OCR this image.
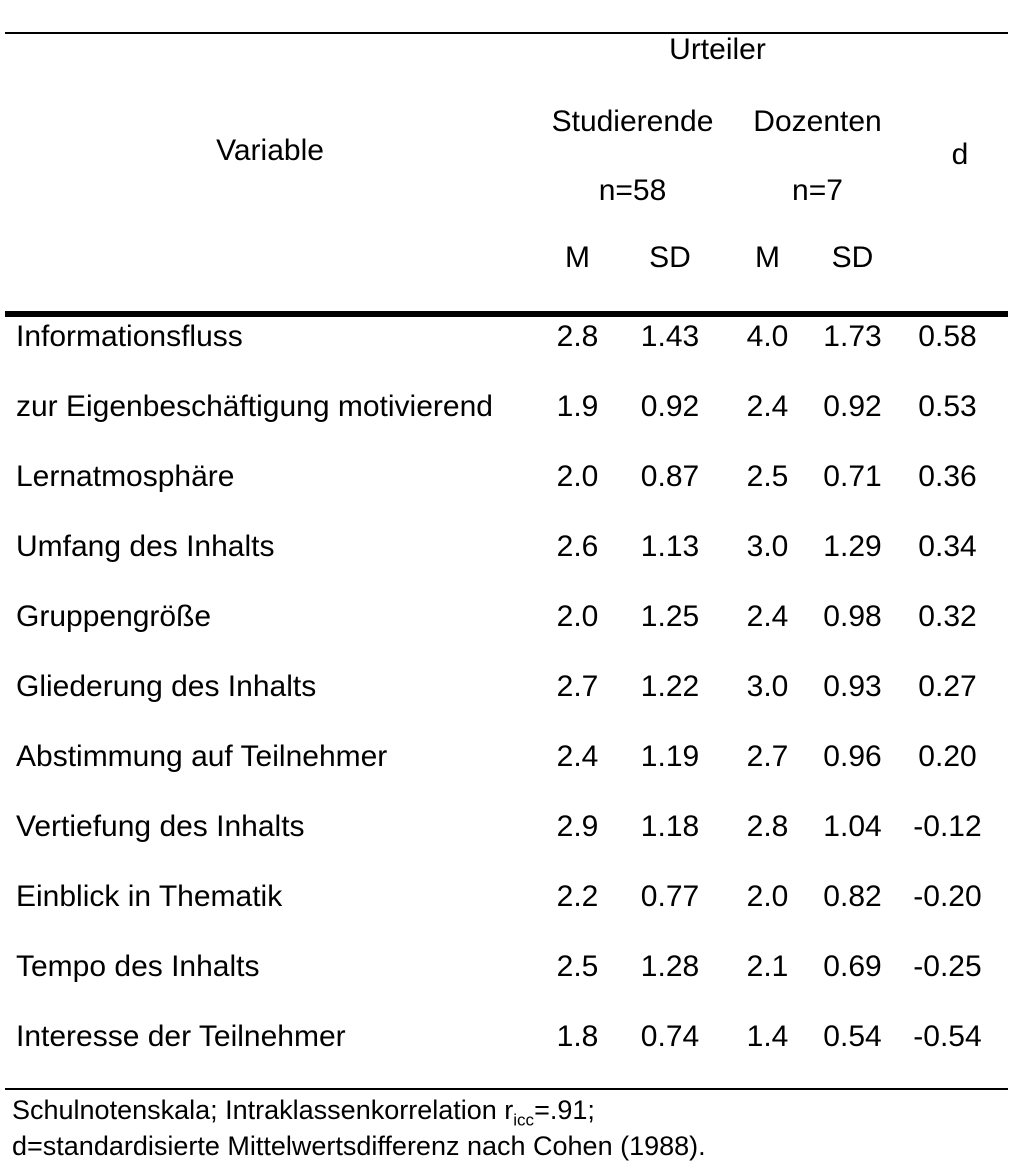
Variable
Urteiler
Studierende	Dozenten
n=58	n=7
M	SD	M	SD
d
Informationsfluss	2.8	1.43	4.0	1.73	0.58
zur Eigenbeschäftigung motivierend	1.9	0.92	2.4	0.92	0.53
Lernatmosphäre	2.0	0.87	2.5	0.71	0.36
Umfang des Inhalts	2.6	1.13	3.0	1.29	0.34
Gruppengröße	2.0	1.25	2.4	0.98	0.32
Gliederung des Inhalts	2.7	1.22	3.0	0.93	0.27
Abstimmung auf Teilnehmer	2.4	1.19	2.7	0.96	0.20
Vertiefung des Inhalts	2.9	1.18	2.8	1.04	-0.12
Einblick in Thematik	2.2	0.77	2.0	0.82	-0.20
Tempo des Inhalts	2.5	1.28	2.1	0.69	-0.25
Interesse der Teilnehmer	1.8	0.74	1.4	0.54	-0.54
Schulnotenskala; Intraklassenkorrelation $r_{icc}=.91$;
d=standardisierte Mittelwertsdifferenz nach Cohen (1988).
